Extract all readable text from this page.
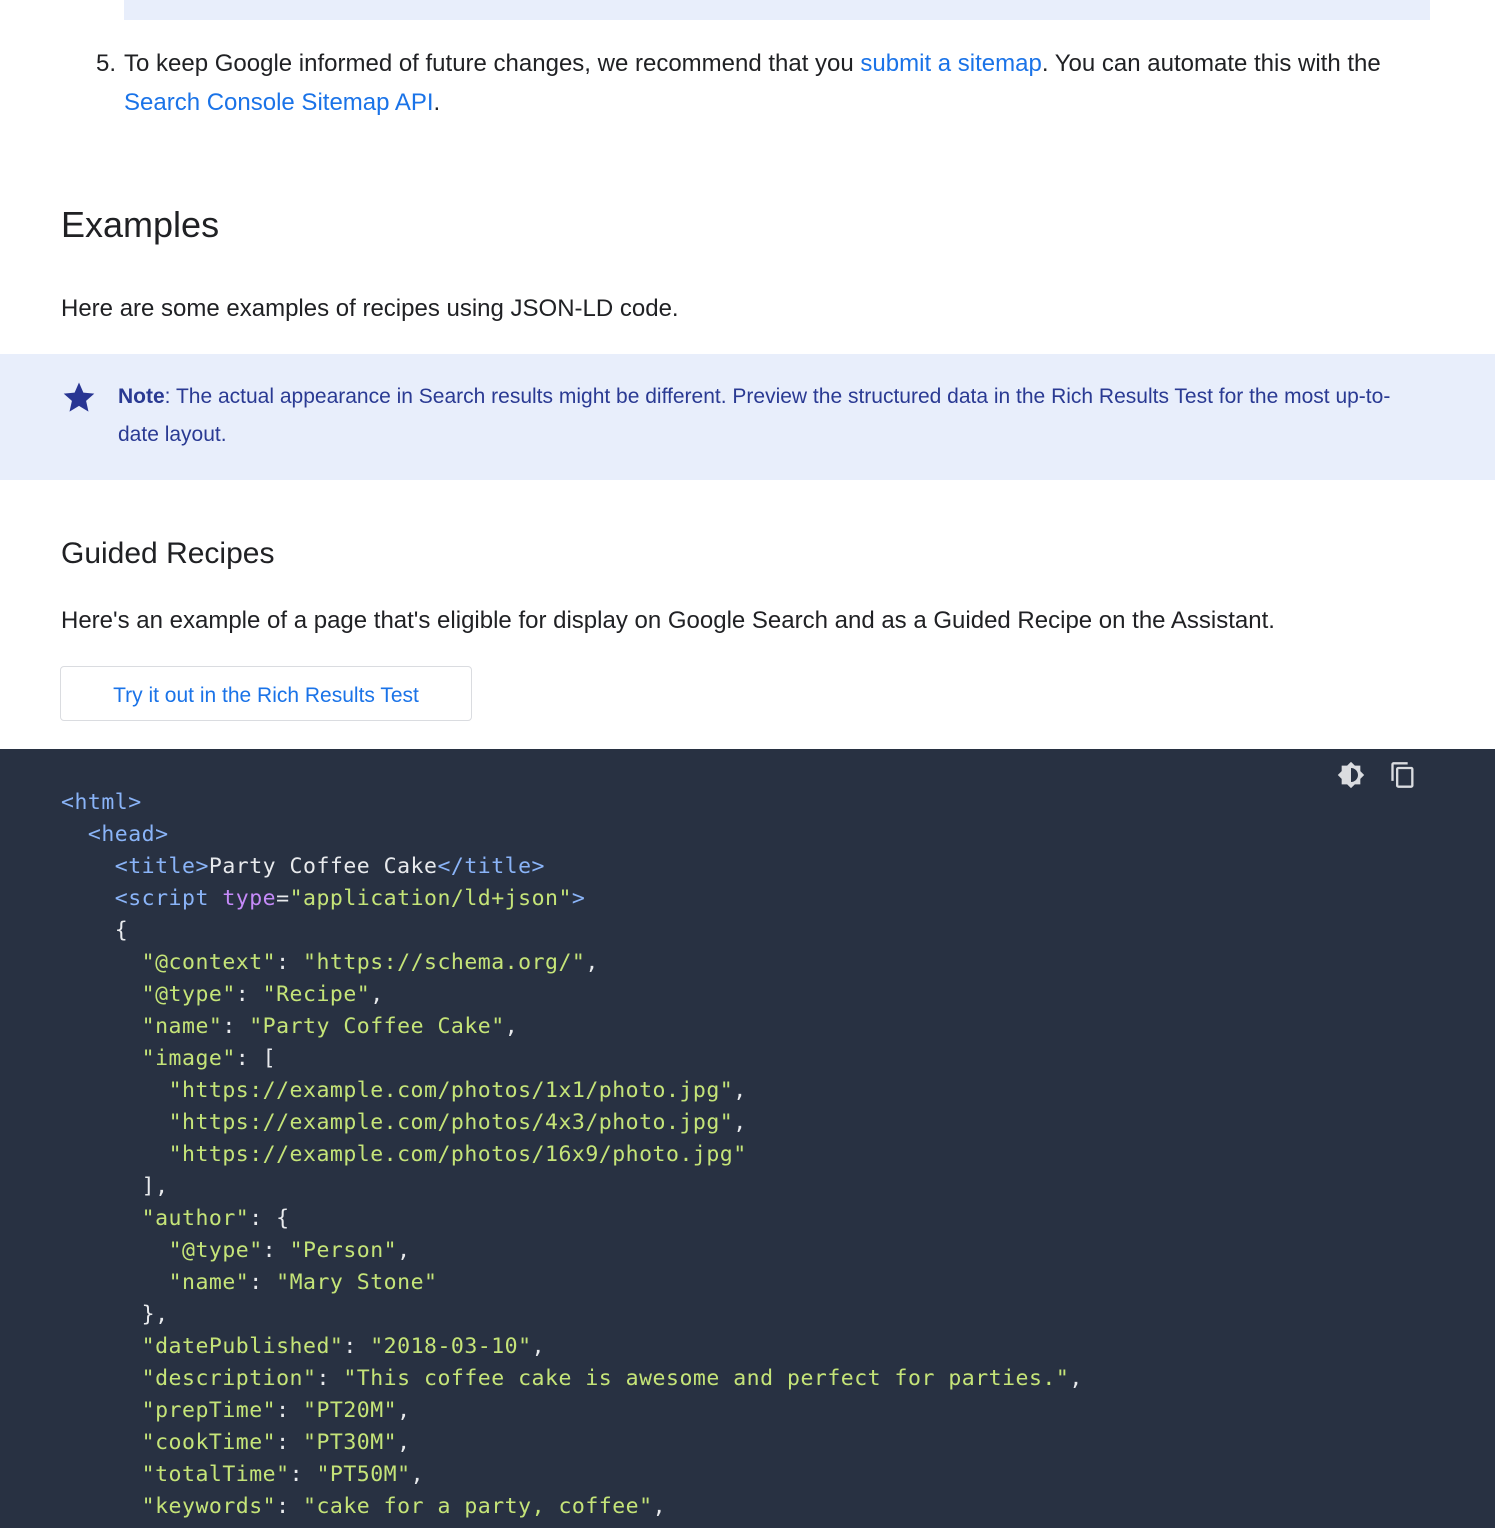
5. To keep Google informed of future changes, we recommend that you submit a sitemap. You can automate this with the Search Console Sitemap API.
Examples

Here are some examples of recipes using JSON-LD code.

Note: The actual appearance in Search results might be different. Preview the structured data in the Rich Results Test for the most up-to-date layout.
Guided Recipes

Here's an example of a page that's eligible for display on Google Search and as a Guided Recipe on the Assistant.

Try it out in the Rich Results Test

<html>
<head>
<title>Party Coffee Cake</title>
<script type="application/ld+json">
{
"@context": "https://schema.org/",
"@type": "Recipe",
"name": "Party Coffee Cake",
"image": [
"https://example.com/photos/1x1/photo.jpg",
"https://example.com/photos/4x3/photo.jpg",
"https://example.com/photos/16x9/photo.jpg"
],
"author": {
"@type": "Person",
"name": "Mary Stone"
},
"datePublished": "2018-03-10",
"description": "This coffee cake is awesome and perfect for parties.",
"prepTime": "PT20M",
"cookTime": "PT30M",
"totalTime": "PT50M",
"keywords": "cake for a party, coffee",
